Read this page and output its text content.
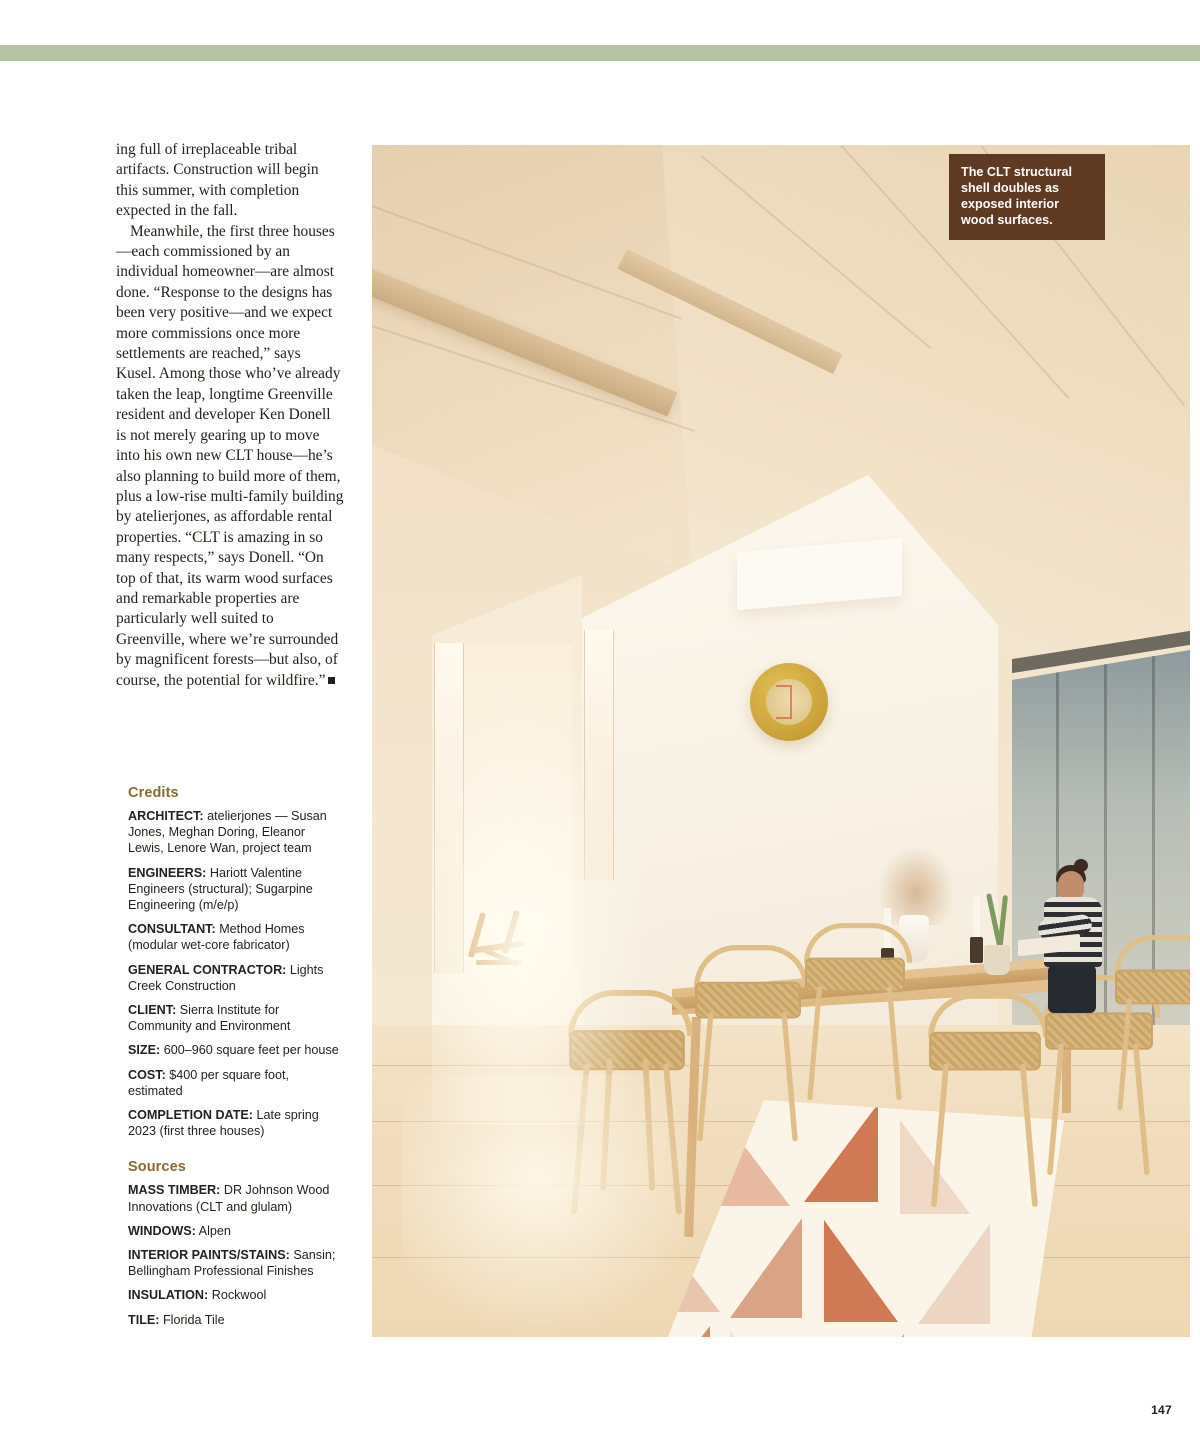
ing full of irreplaceable tribal artifacts. Construction will begin this summer, with completion expected in the fall.

Meanwhile, the first three houses—each commissioned by an individual homeowner—are almost done. “Response to the designs has been very positive—and we expect more commissions once more settlements are reached,” says Kusel. Among those who’ve already taken the leap, longtime Greenville resident and developer Ken Donell is not merely gearing up to move into his own new CLT house—he’s also planning to build more of them, plus a low-rise multi-family building by atelierjones, as affordable rental properties. “CLT is amazing in so many respects,” says Donell. “On top of that, its warm wood surfaces and remarkable properties are particularly well suited to Greenville, where we’re surrounded by magnificent forests—but also, of course, the potential for wildfire.”

Credits
ARCHITECT: atelierjones — Susan Jones, Meghan Doring, Eleanor Lewis, Lenore Wan, project team
ENGINEERS: Hariott Valentine Engineers (structural); Sugarpine Engineering (m/e/p)
CONSULTANT: Method Homes (modular wet-core fabricator)
GENERAL CONTRACTOR: Lights Creek Construction
CLIENT: Sierra Institute for Community and Environment
SIZE: 600–960 square feet per house
COST: $400 per square foot, estimated
COMPLETION DATE: Late spring 2023 (first three houses)
Sources
MASS TIMBER: DR Johnson Wood Innovations (CLT and glulam)
WINDOWS: Alpen
INTERIOR PAINTS/STAINS: Sansin; Bellingham Professional Finishes
INSULATION: Rockwool
TILE: Florida Tile
The CLT structural shell doubles as exposed interior wood surfaces.
147
